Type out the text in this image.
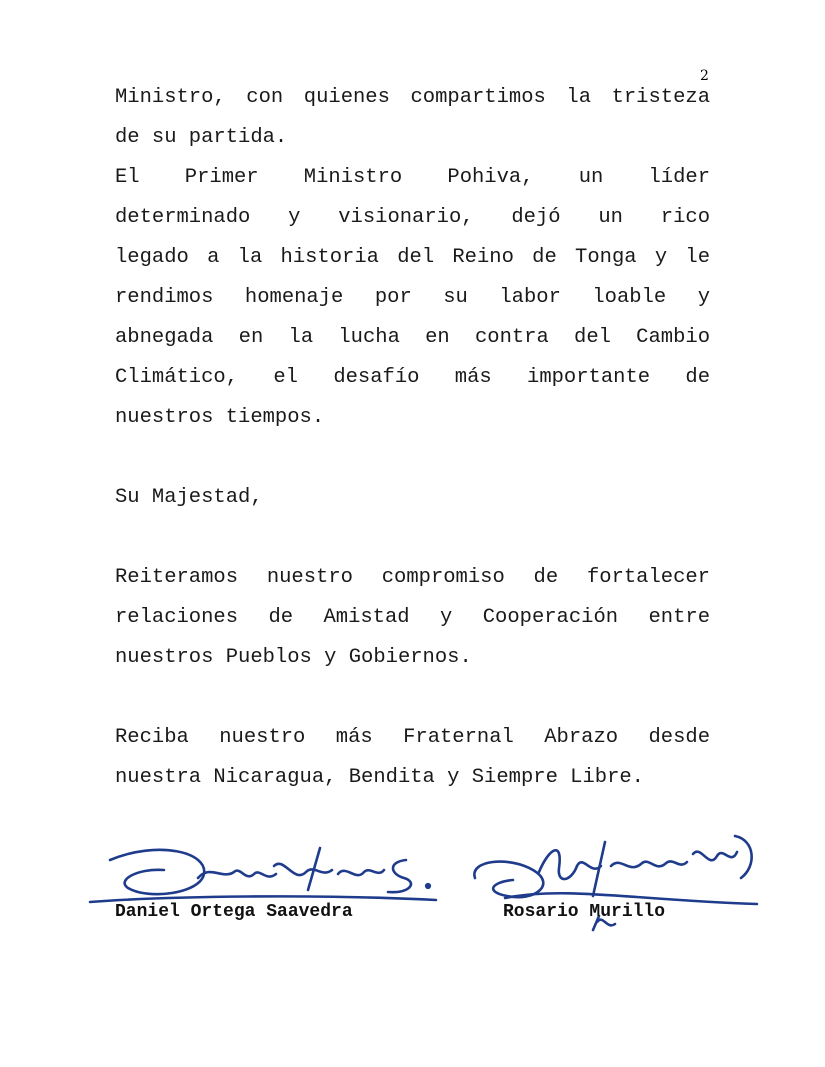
2
Ministro, con quienes compartimos la tristeza
de su partida.
El Primer Ministro Pohiva, un líder
determinado y visionario, dejó un rico
legado a la historia del Reino de Tonga y le
rendimos homenaje por su labor loable y
abnegada en la lucha en contra del Cambio
Climático, el desafío más importante de
nuestros tiempos.
Su Majestad,
Reiteramos nuestro compromiso de fortalecer
relaciones de Amistad y Cooperación entre
nuestros Pueblos y Gobiernos.
Reciba nuestro más Fraternal Abrazo desde
nuestra Nicaragua, Bendita y Siempre Libre.
Daniel Ortega Saavedra	Rosario Murillo
